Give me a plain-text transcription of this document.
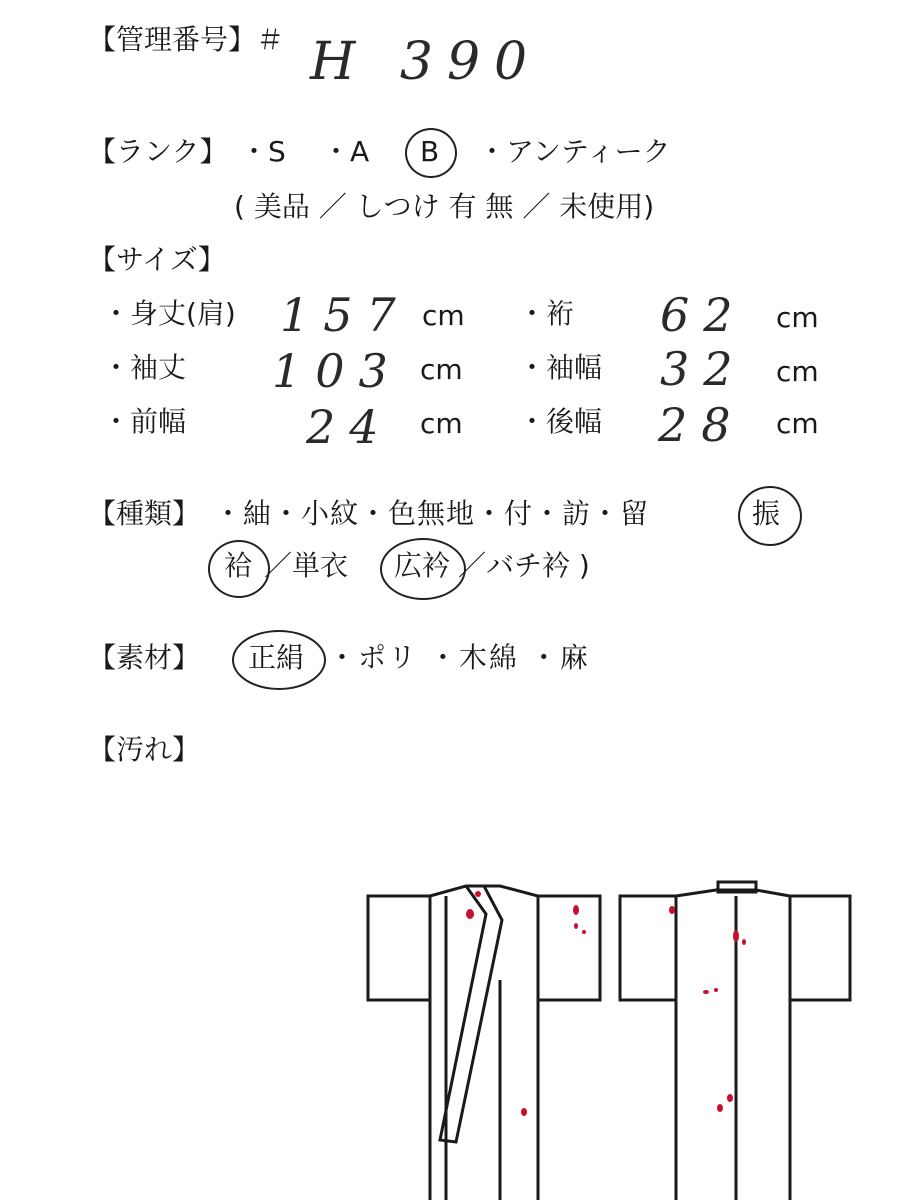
【管理番号】＃ H 390
【ランク】 ・S ・A B ・アンティーク
( 美品 ／ しつけ 有 無 ／ 未使用)
【サイズ】
・身丈(肩) 157 cm ・裄 62 cm
・袖丈 103 cm ・袖幅 32 cm
・前幅	24 cm ・後幅 28 cm
【種類】 ・紬・小紋・色無地・付・訪・留	振
袷 ／単衣 広衿 ／バチ衿 )
【素材】 正絹 ・ポリ ・木綿 ・麻
【汚れ】
